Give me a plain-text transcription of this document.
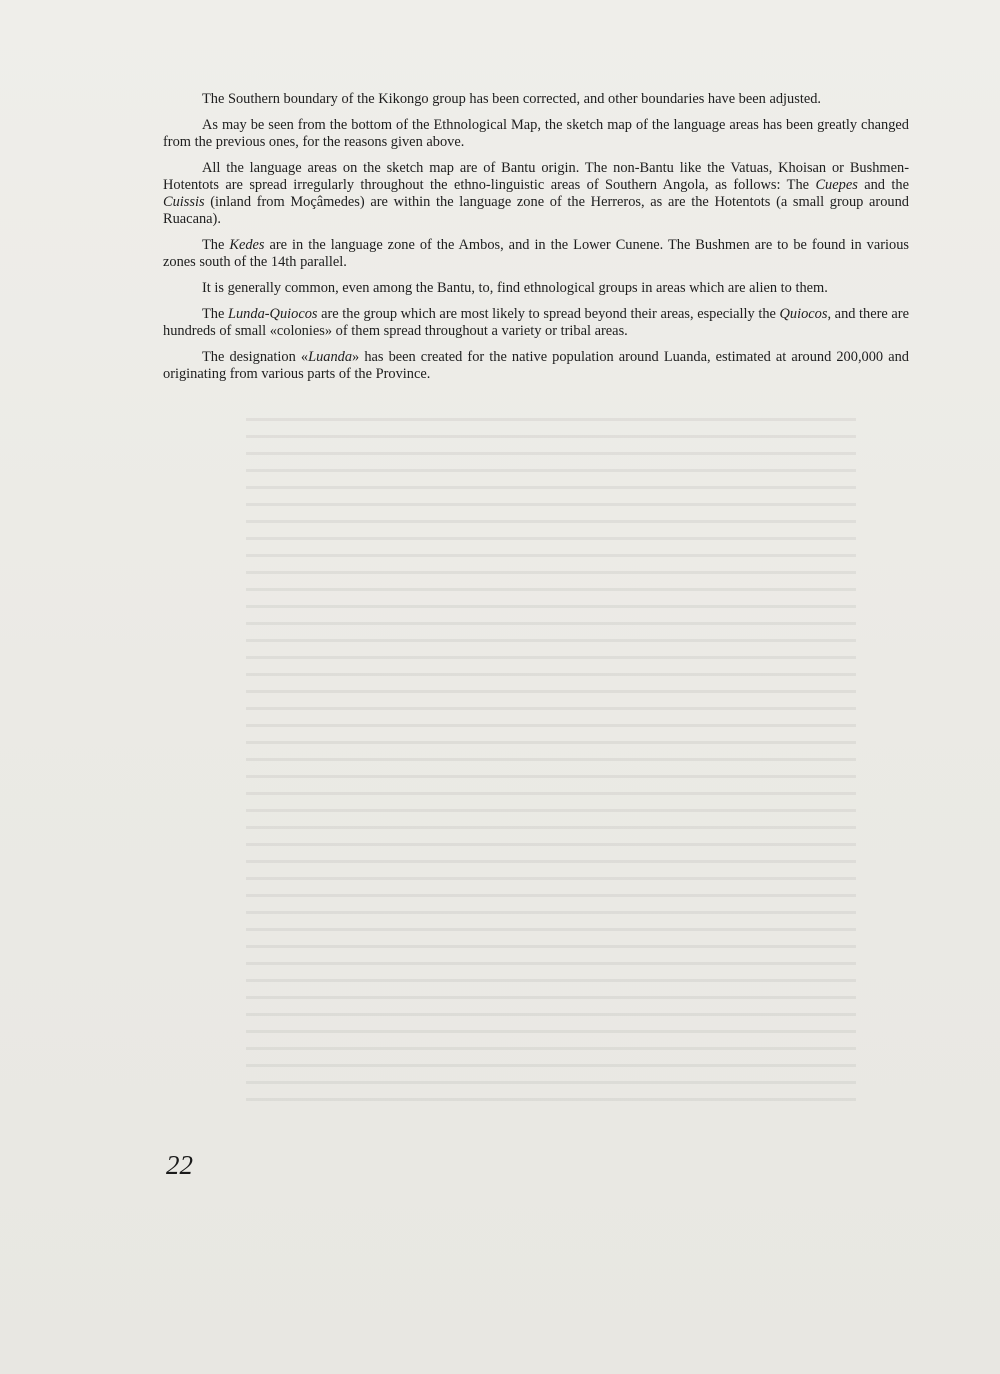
The Southern boundary of the Kikongo group has been corrected, and other boundaries have been adjusted.

As may be seen from the bottom of the Ethnological Map, the sketch map of the language areas has been greatly changed from the previous ones, for the reasons given above.

All the language areas on the sketch map are of Bantu origin. The non-Bantu like the Vatuas, Khoisan or Bushmen-Hotentots are spread irregularly throughout the ethno-linguistic areas of Southern Angola, as follows: The Cuepes and the Cuissis (inland from Moçâmedes) are within the language zone of the Herreros, as are the Hotentots (a small group around Ruacana).

The Kedes are in the language zone of the Ambos, and in the Lower Cunene. The Bushmen are to be found in various zones south of the 14th parallel.

It is generally common, even among the Bantu, to, find ethnological groups in areas which are alien to them.

The Lunda-Quiocos are the group which are most likely to spread beyond their areas, especially the Quiocos, and there are hundreds of small «colonies» of them spread throughout a variety or tribal areas.

The designation «Luanda» has been created for the native population around Luanda, estimated at around 200,000 and originating from various parts of the Province.

22
